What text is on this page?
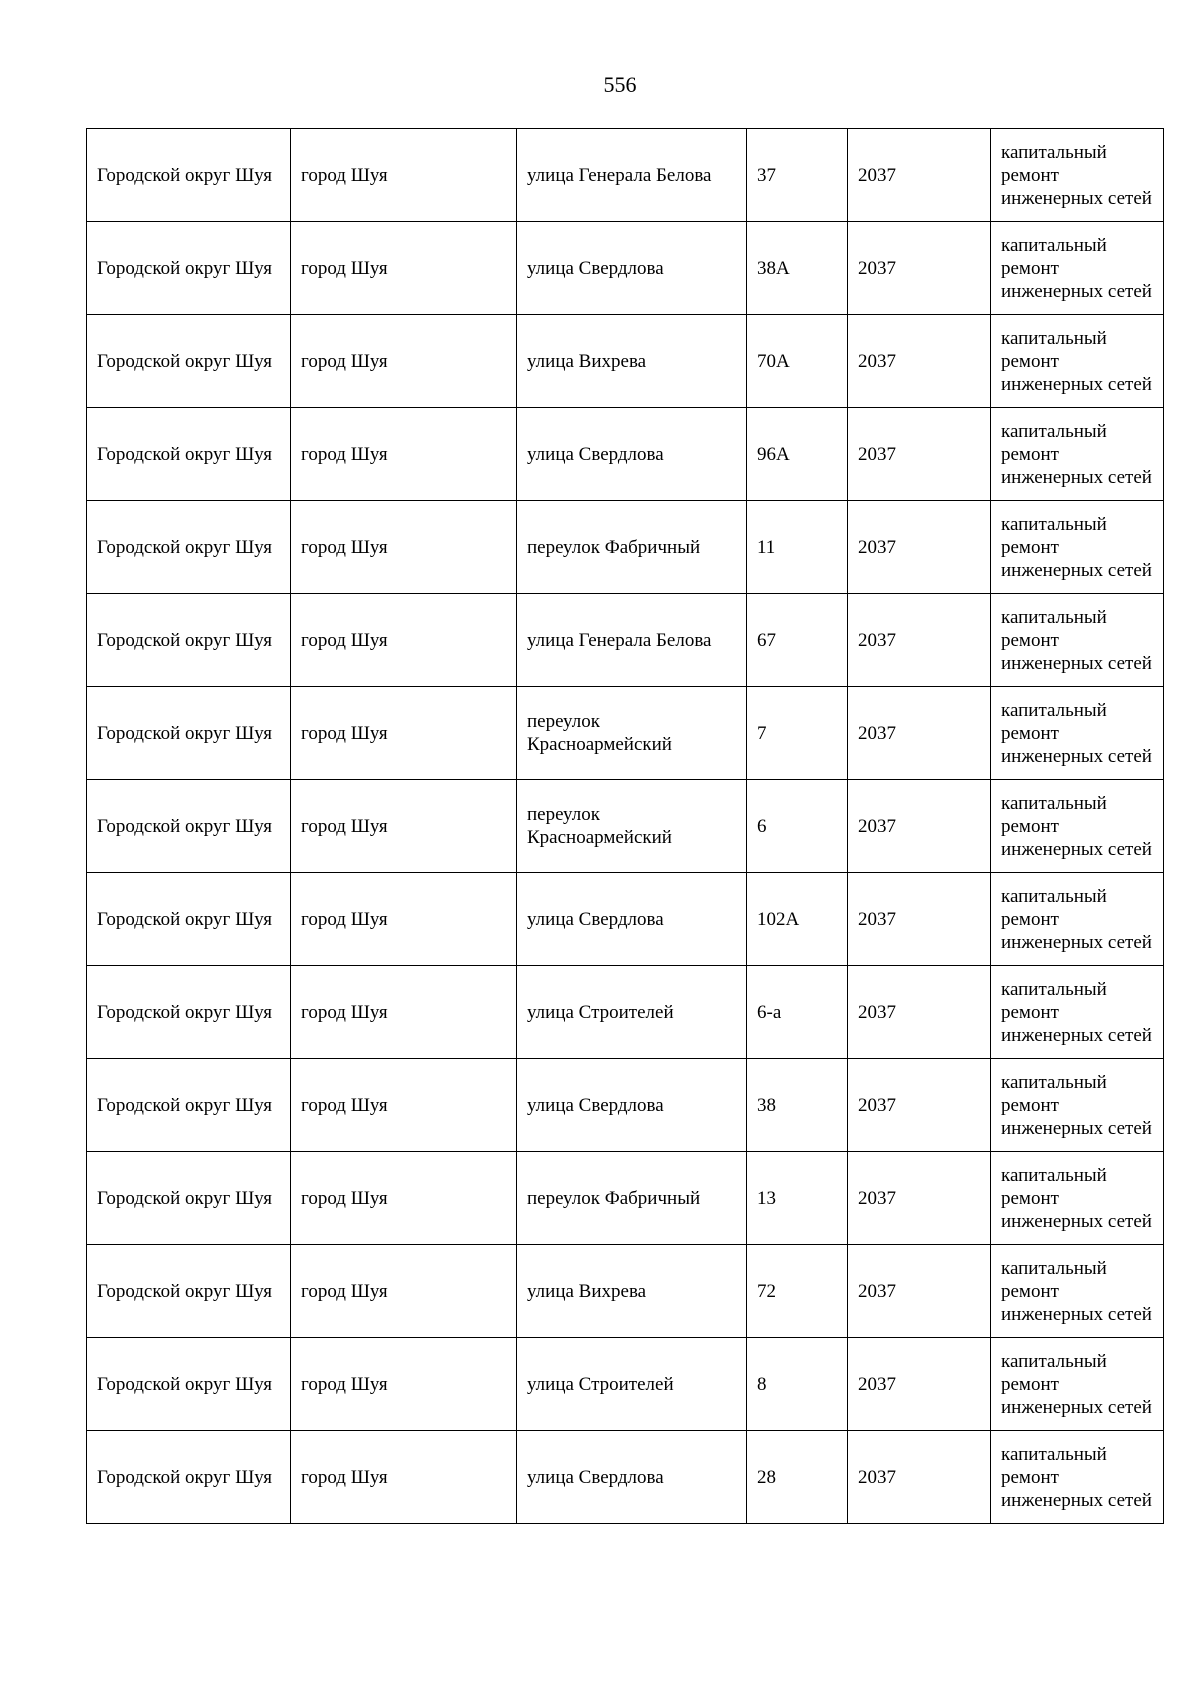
556
Городской округ Шуя	город Шуя	улица Генерала Белова	37	2037	капитальный ремонт инженерных сетей
Городской округ Шуя	город Шуя	улица Свердлова	38А	2037	капитальный ремонт инженерных сетей
Городской округ Шуя	город Шуя	улица Вихрева	70А	2037	капитальный ремонт инженерных сетей
Городской округ Шуя	город Шуя	улица Свердлова	96А	2037	капитальный ремонт инженерных сетей
Городской округ Шуя	город Шуя	переулок Фабричный	11	2037	капитальный ремонт инженерных сетей
Городской округ Шуя	город Шуя	улица Генерала Белова	67	2037	капитальный ремонт инженерных сетей
Городской округ Шуя	город Шуя	переулок Красноармейский	7	2037	капитальный ремонт инженерных сетей
Городской округ Шуя	город Шуя	переулок Красноармейский	6	2037	капитальный ремонт инженерных сетей
Городской округ Шуя	город Шуя	улица Свердлова	102А	2037	капитальный ремонт инженерных сетей
Городской округ Шуя	город Шуя	улица Строителей	6-а	2037	капитальный ремонт инженерных сетей
Городской округ Шуя	город Шуя	улица Свердлова	38	2037	капитальный ремонт инженерных сетей
Городской округ Шуя	город Шуя	переулок Фабричный	13	2037	капитальный ремонт инженерных сетей
Городской округ Шуя	город Шуя	улица Вихрева	72	2037	капитальный ремонт инженерных сетей
Городской округ Шуя	город Шуя	улица Строителей	8	2037	капитальный ремонт инженерных сетей
Городской округ Шуя	город Шуя	улица Свердлова	28	2037	капитальный ремонт инженерных сетей
